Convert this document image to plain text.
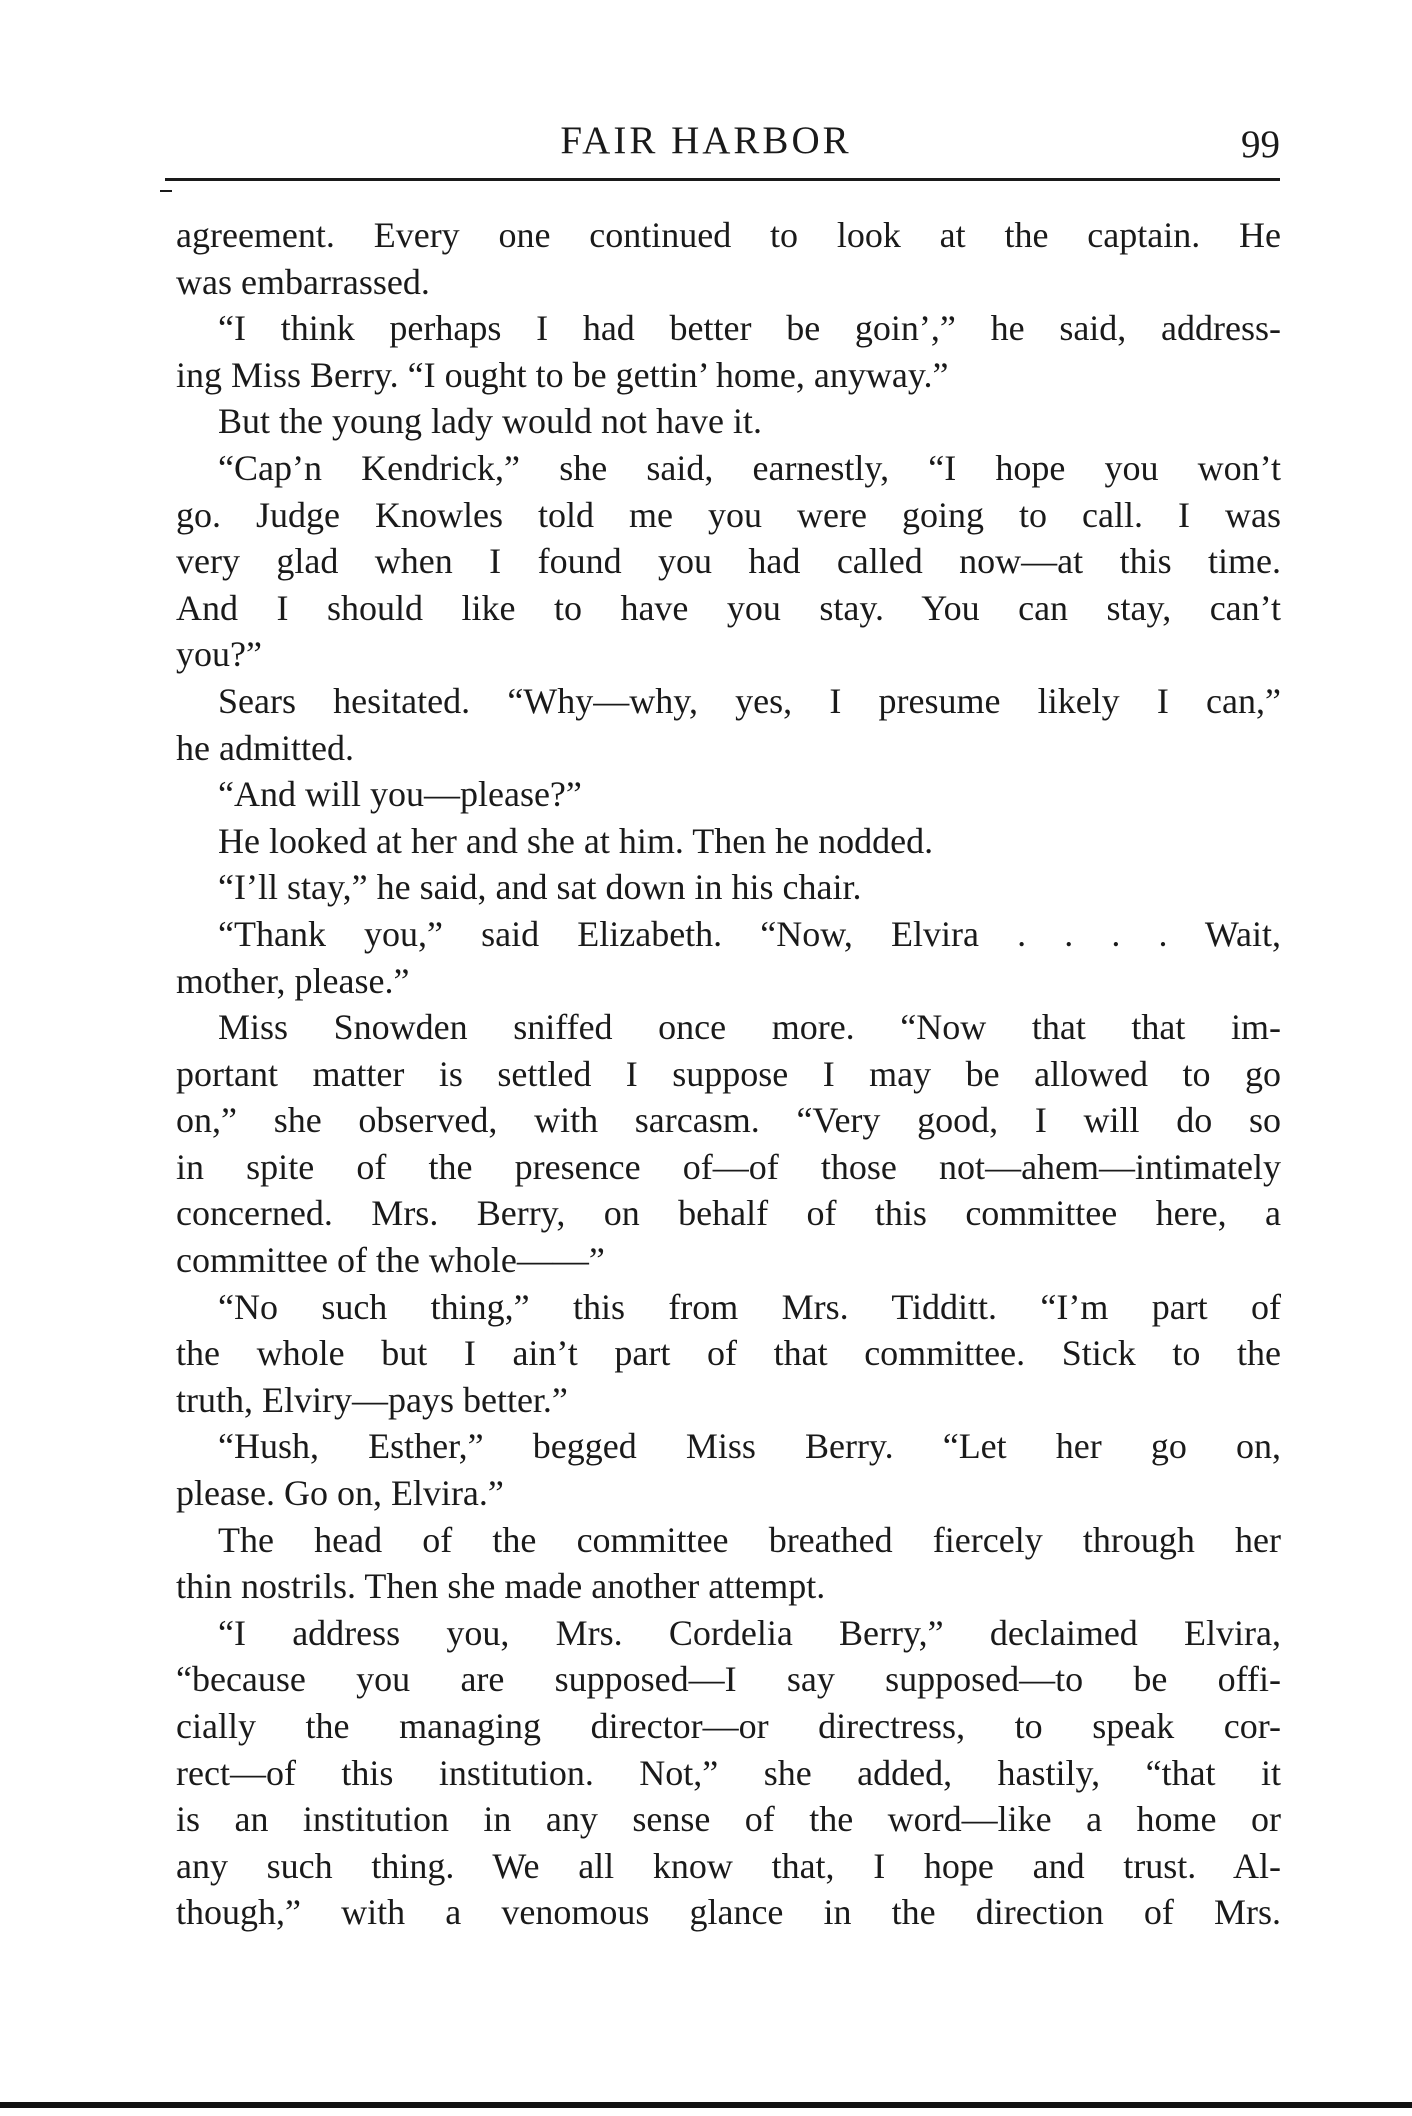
FAIR HARBOR	99
agreement. Every one continued to look at the captain. He
was embarrassed.
“I think perhaps I had better be goin’,” he said, address-
ing Miss Berry. “I ought to be gettin’ home, anyway.”
But the young lady would not have it.
“Cap’n Kendrick,” she said, earnestly, “I hope you won’t
go. Judge Knowles told me you were going to call. I was
very glad when I found you had called now—at this time.
And I should like to have you stay. You can stay, can’t
you?”
Sears hesitated. “Why—why, yes, I presume likely I can,”
he admitted.
“And will you—please?”
He looked at her and she at him. Then he nodded.
“I’ll stay,” he said, and sat down in his chair.
“Thank you,” said Elizabeth. “Now, Elvira . . . . Wait,
mother, please.”
Miss Snowden sniffed once more. “Now that that im-
portant matter is settled I suppose I may be allowed to go
on,” she observed, with sarcasm. “Very good, I will do so
in spite of the presence of—of those not—ahem—intimately
concerned. Mrs. Berry, on behalf of this committee here, a
committee of the whole——”
“No such thing,” this from Mrs. Tidditt. “I’m part of
the whole but I ain’t part of that committee. Stick to the
truth, Elviry—pays better.”
“Hush, Esther,” begged Miss Berry. “Let her go on,
please. Go on, Elvira.”
The head of the committee breathed fiercely through her
thin nostrils. Then she made another attempt.
“I address you, Mrs. Cordelia Berry,” declaimed Elvira,
“because you are supposed—I say supposed—to be offi-
cially the managing director—or directress, to speak cor-
rect—of this institution. Not,” she added, hastily, “that it
is an institution in any sense of the word—like a home or
any such thing. We all know that, I hope and trust. Al-
though,” with a venomous glance in the direction of Mrs.
